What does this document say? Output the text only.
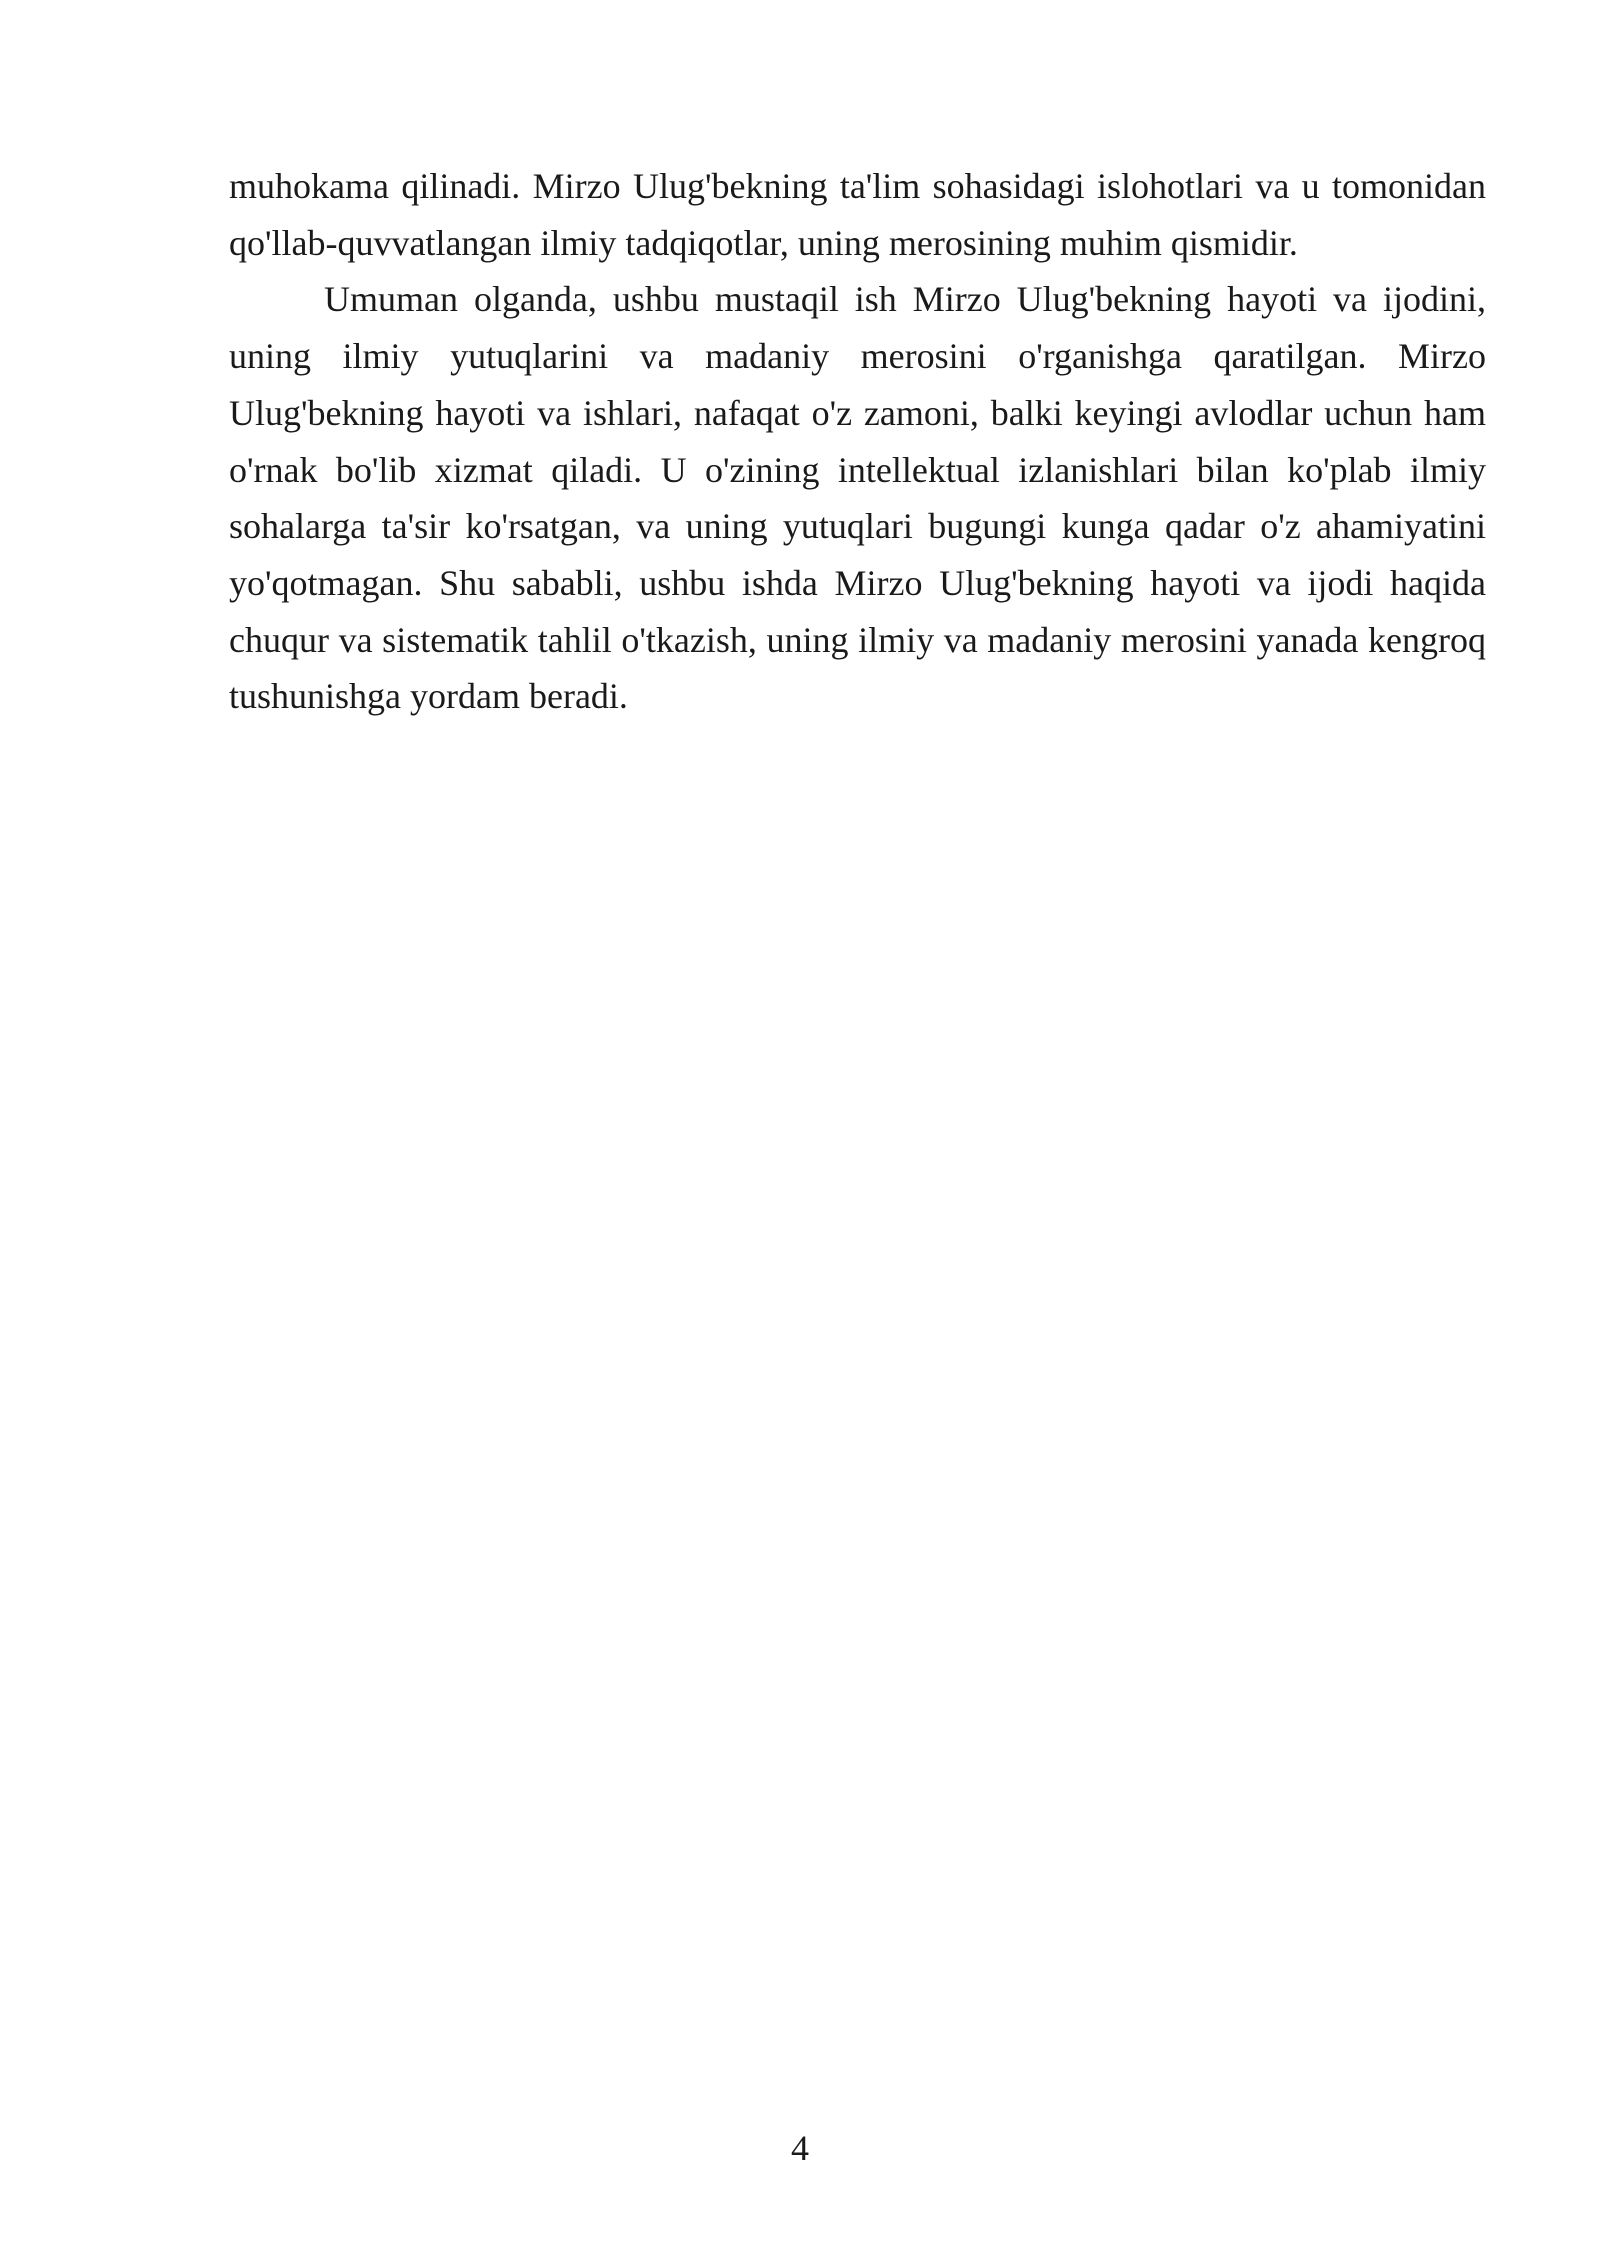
muhokama qilinadi. Mirzo Ulug'bekning ta'lim sohasidagi islohotlari va u tomonidan qo'llab-quvvatlangan ilmiy tadqiqotlar, uning merosining muhim qismidir.

Umuman olganda, ushbu mustaqil ish Mirzo Ulug'bekning hayoti va ijodini, uning ilmiy yutuqlarini va madaniy merosini o'rganishga qaratilgan. Mirzo Ulug'bekning hayoti va ishlari, nafaqat o'z zamoni, balki keyingi avlodlar uchun ham o'rnak bo'lib xizmat qiladi. U o'zining intellektual izlanishlari bilan ko'plab ilmiy sohalarga ta'sir ko'rsatgan, va uning yutuqlari bugungi kunga qadar o'z ahamiyatini yo'qotmagan. Shu sababli, ushbu ishda Mirzo Ulug'bekning hayoti va ijodi haqida chuqur va sistematik tahlil o'tkazish, uning ilmiy va madaniy merosini yanada kengroq tushunishga yordam beradi.

4
